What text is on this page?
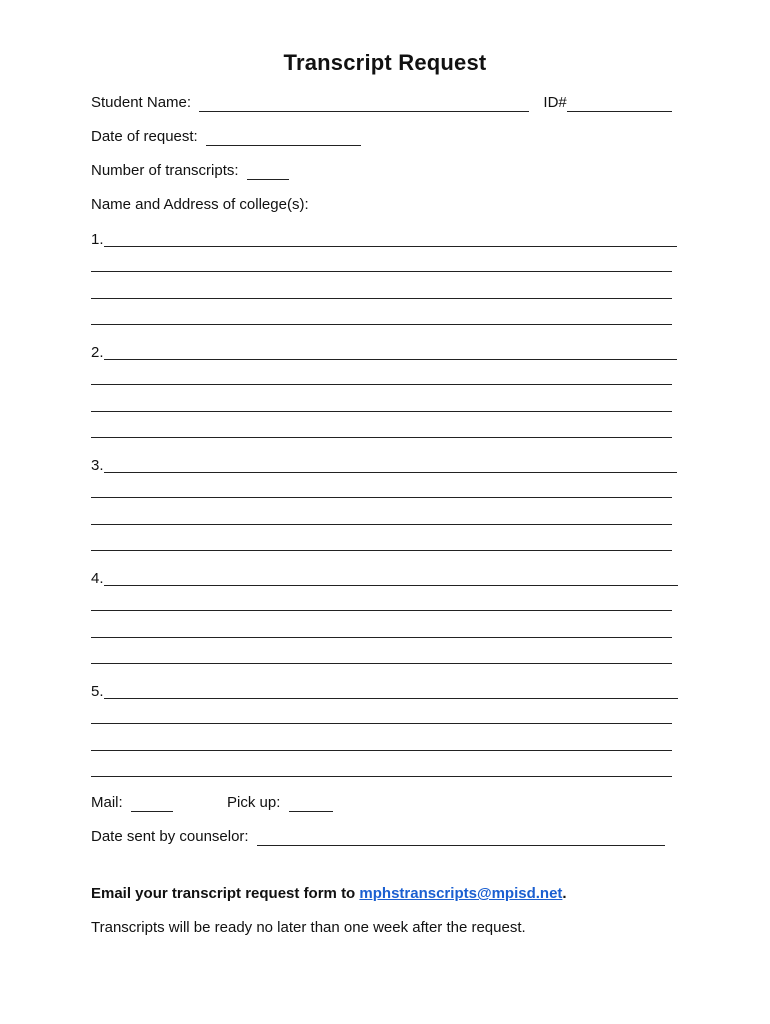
Transcript Request
Student Name:	ID#
Date of request:
Number of transcripts:
Name and Address of college(s):
1.
2.
3.
4.
5.
Mail:	Pick up:
Date sent by counselor:
Email your transcript request form to mphstranscripts@mpisd.net.
Transcripts will be ready no later than one week after the request.
